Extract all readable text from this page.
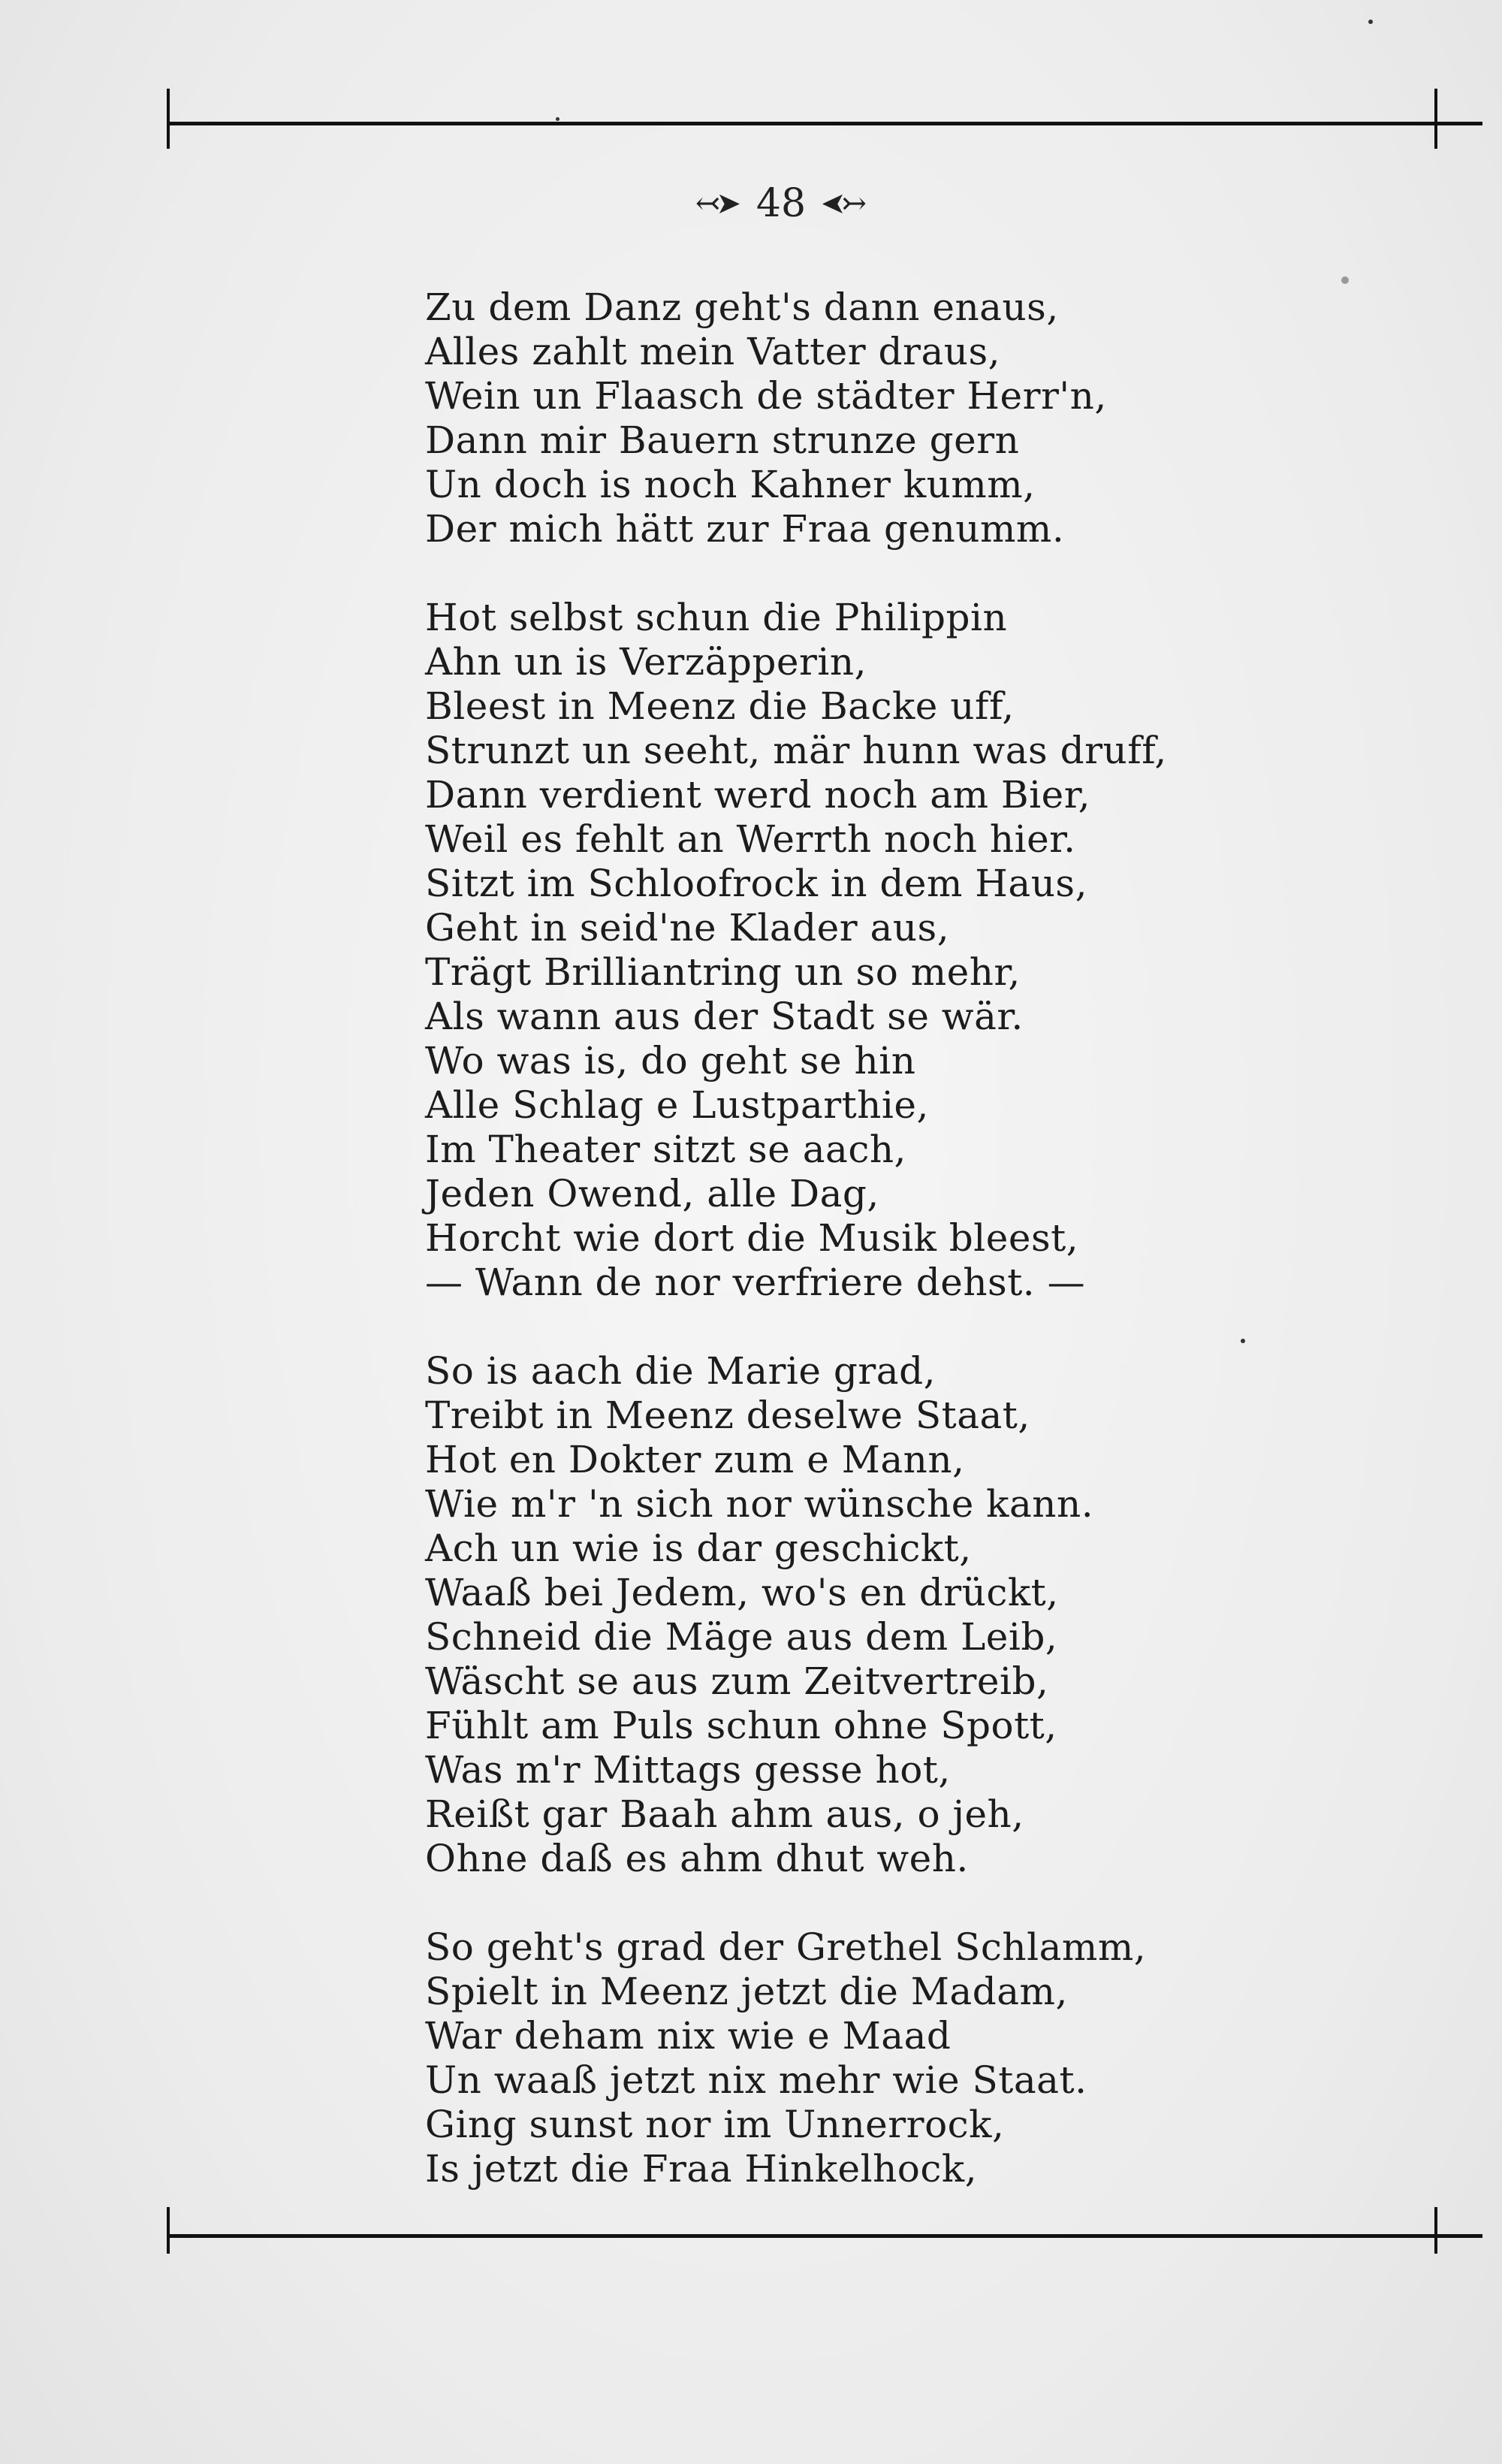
↢➤ 48 ↢➤
Zu dem Danz geht's dann enaus,
Alles zahlt mein Vatter draus,
Wein un Flaasch de städter Herr'n,
Dann mir Bauern strunze gern
Un doch is noch Kahner kumm,
Der mich hätt zur Fraa genumm.
Hot selbst schun die Philippin
Ahn un is Verzäpperin,
Bleest in Meenz die Backe uff,
Strunzt un seeht, mär hunn was druff,
Dann verdient werd noch am Bier,
Weil es fehlt an Werrth noch hier.
Sitzt im Schloofrock in dem Haus,
Geht in seid'ne Klader aus,
Trägt Brilliantring un so mehr,
Als wann aus der Stadt se wär.
Wo was is, do geht se hin
Alle Schlag e Lustparthie,
Im Theater sitzt se aach,
Jeden Owend, alle Dag,
Horcht wie dort die Musik bleest,
— Wann de nor verfriere dehst. —
So is aach die Marie grad,
Treibt in Meenz deselwe Staat,
Hot en Dokter zum e Mann,
Wie m'r 'n sich nor wünsche kann.
Ach un wie is dar geschickt,
Waaß bei Jedem, wo's en drückt,
Schneid die Mäge aus dem Leib,
Wäscht se aus zum Zeitvertreib,
Fühlt am Puls schun ohne Spott,
Was m'r Mittags gesse hot,
Reißt gar Baah ahm aus, o jeh,
Ohne daß es ahm dhut weh.
So geht's grad der Grethel Schlamm,
Spielt in Meenz jetzt die Madam,
War deham nix wie e Maad
Un waaß jetzt nix mehr wie Staat.
Ging sunst nor im Unnerrock,
Is jetzt die Fraa Hinkelhock,
